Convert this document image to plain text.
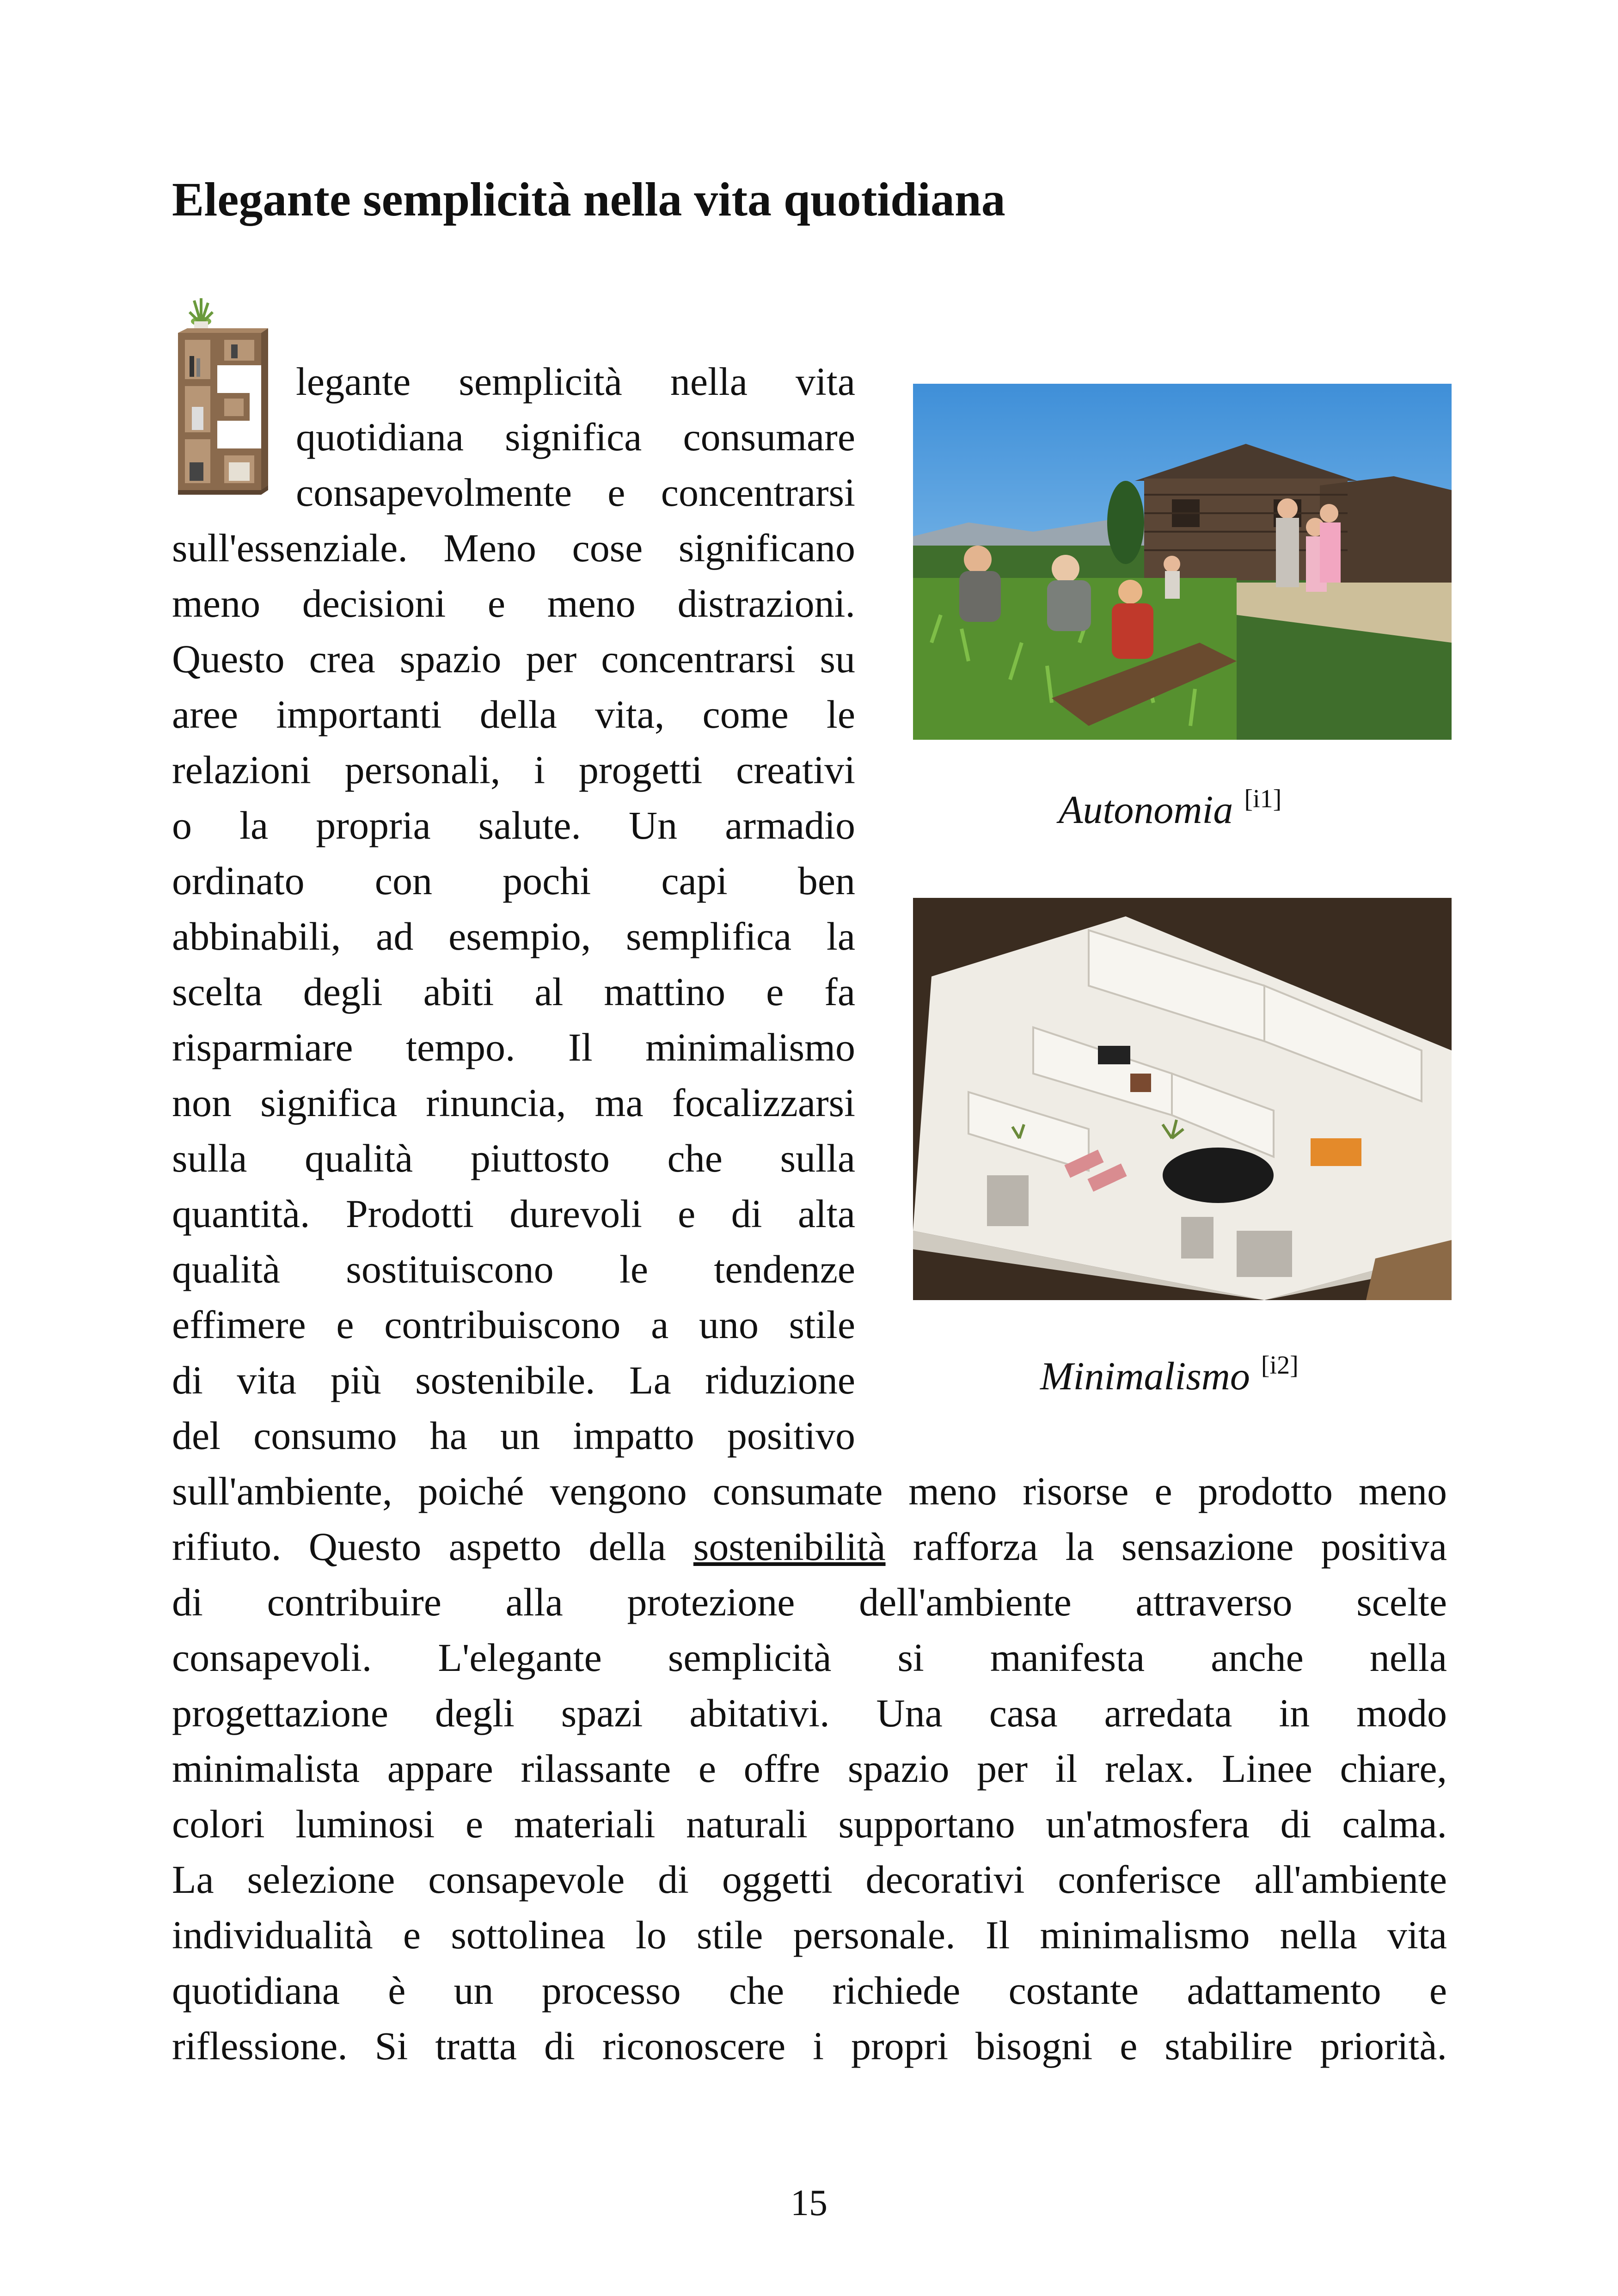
Elegante semplicità nella vita quotidiana
legante semplicità nella vita
quotidiana significa consumare
consapevolmente e concentrarsi
sull'essenziale. Meno cose significano
meno decisioni e meno distrazioni.
Questo crea spazio per concentrarsi su
aree importanti della vita, come le
relazioni personali, i progetti creativi
o la propria salute. Un armadio
ordinato con pochi capi ben
abbinabili, ad esempio, semplifica la
scelta degli abiti al mattino e fa
risparmiare tempo. Il minimalismo
non significa rinuncia, ma focalizzarsi
sulla qualità piuttosto che sulla
quantità. Prodotti durevoli e di alta
qualità sostituiscono le tendenze
effimere e contribuiscono a uno stile
di vita più sostenibile. La riduzione
del consumo ha un impatto positivo
sull'ambiente, poiché vengono consumate meno risorse e prodotto meno
rifiuto. Questo aspetto della sostenibilità rafforza la sensazione positiva
di contribuire alla protezione dell'ambiente attraverso scelte
consapevoli. L'elegante semplicità si manifesta anche nella
progettazione degli spazi abitativi. Una casa arredata in modo
minimalista appare rilassante e offre spazio per il relax. Linee chiare,
colori luminosi e materiali naturali supportano un'atmosfera di calma.
La selezione consapevole di oggetti decorativi conferisce all'ambiente
individualità e sottolinea lo stile personale. Il minimalismo nella vita
quotidiana è un processo che richiede costante adattamento e
riflessione. Si tratta di riconoscere i propri bisogni e stabilire priorità.
Autonomia [i1]
Minimalismo [i2]
15
